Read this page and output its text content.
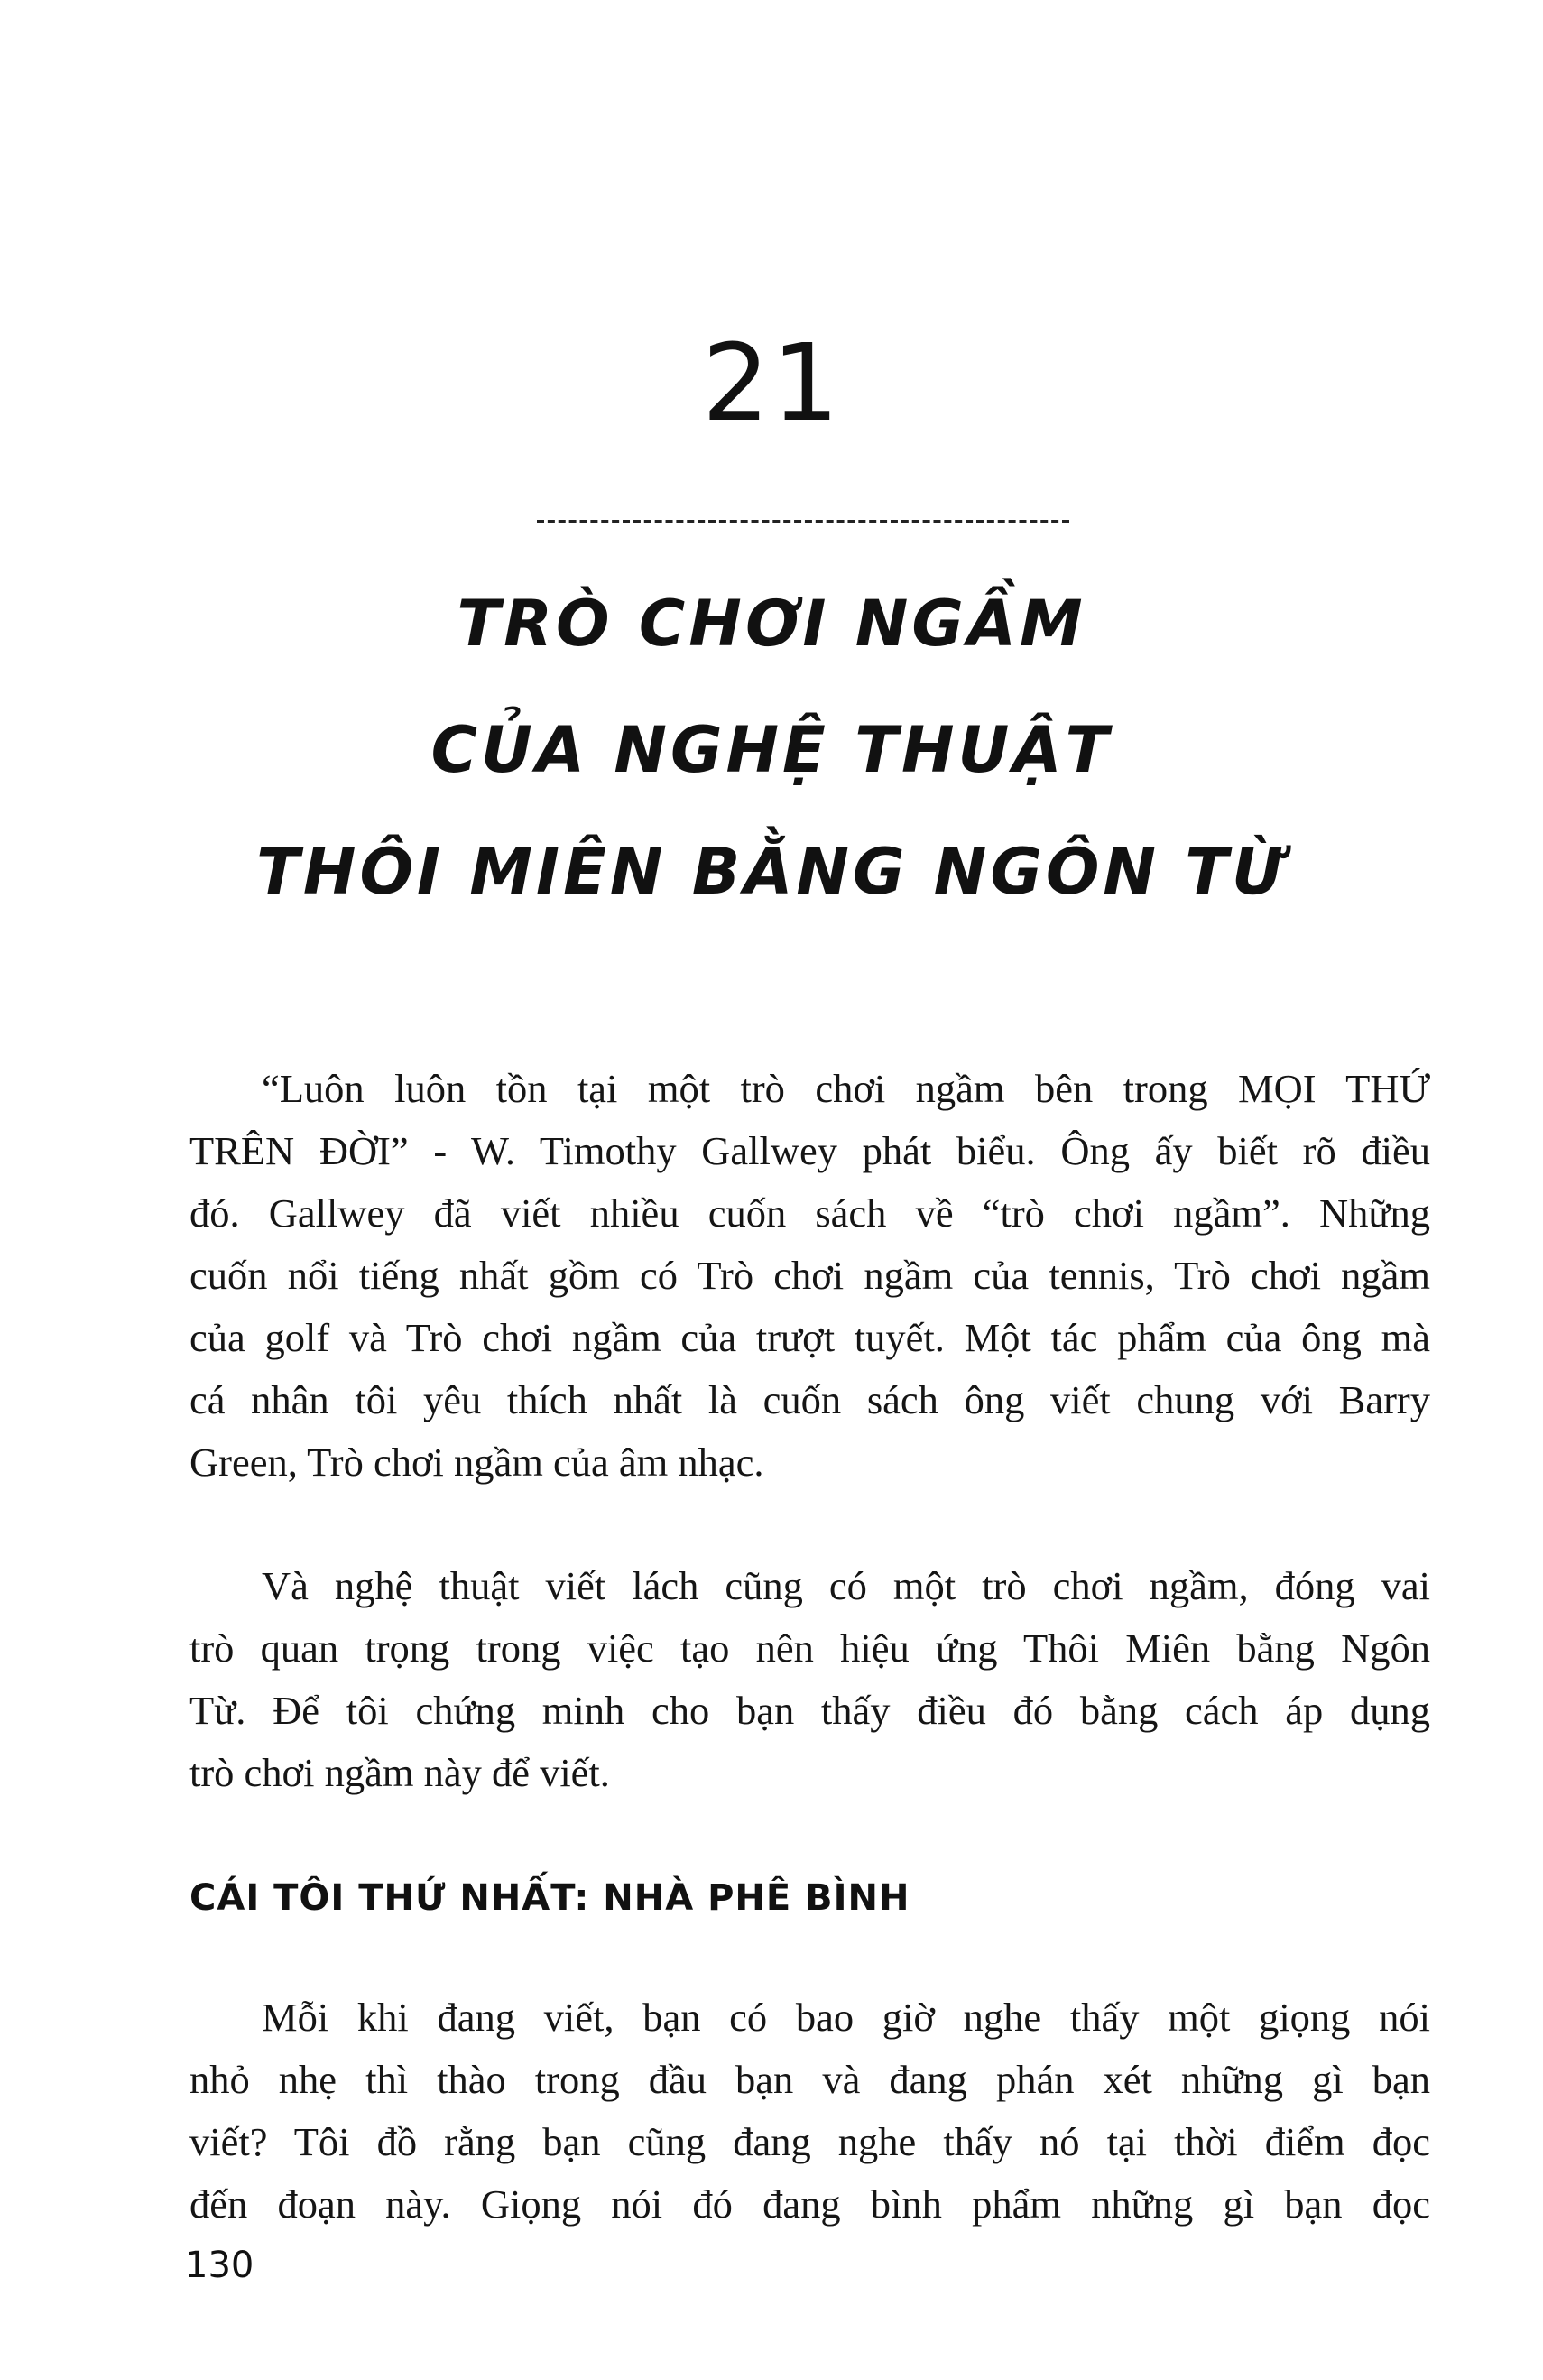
21
TRÒ CHƠI NGẦM
CỦA NGHỆ THUẬT
THÔI MIÊN BẰNG NGÔN TỪ
“Luôn luôn tồn tại một trò chơi ngầm bên trong MỌI THỨ
TRÊN ĐỜI” - W. Timothy Gallwey phát biểu. Ông ấy biết rõ điều
đó. Gallwey đã viết nhiều cuốn sách về “trò chơi ngầm”. Những
cuốn nổi tiếng nhất gồm có Trò chơi ngầm của tennis, Trò chơi ngầm
của golf và Trò chơi ngầm của trượt tuyết. Một tác phẩm của ông mà
cá nhân tôi yêu thích nhất là cuốn sách ông viết chung với Barry
Green, Trò chơi ngầm của âm nhạc.
Và nghệ thuật viết lách cũng có một trò chơi ngầm, đóng vai
trò quan trọng trong việc tạo nên hiệu ứng Thôi Miên bằng Ngôn
Từ. Để tôi chứng minh cho bạn thấy điều đó bằng cách áp dụng
trò chơi ngầm này để viết.
CÁI TÔI THỨ NHẤT: NHÀ PHÊ BÌNH
Mỗi khi đang viết, bạn có bao giờ nghe thấy một giọng nói
nhỏ nhẹ thì thào trong đầu bạn và đang phán xét những gì bạn
viết? Tôi đồ rằng bạn cũng đang nghe thấy nó tại thời điểm đọc
đến đoạn này. Giọng nói đó đang bình phẩm những gì bạn đọc
130
